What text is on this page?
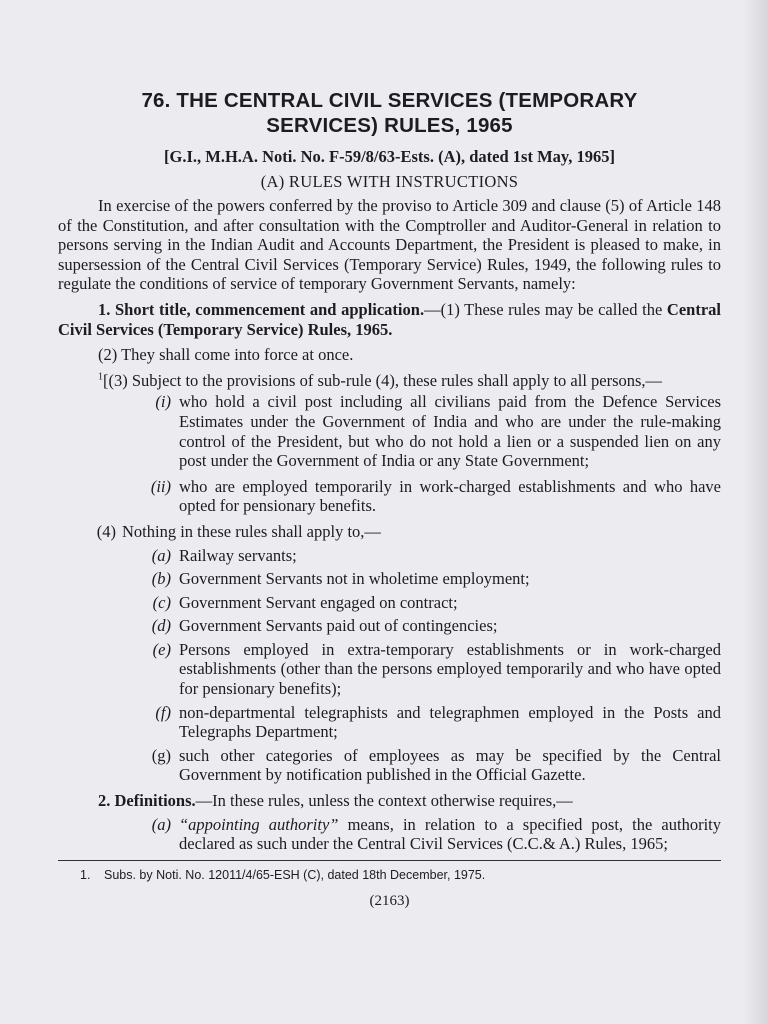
76. THE CENTRAL CIVIL SERVICES (TEMPORARY
SERVICES) RULES, 1965
[G.I., M.H.A. Noti. No. F-59/8/63-Ests. (A), dated 1st May, 1965]
(A) RULES WITH INSTRUCTIONS

In exercise of the powers conferred by the proviso to Article 309 and clause (5) of Article 148 of the Constitution, and after consultation with the Comptroller and Auditor-General in relation to persons serving in the Indian Audit and Accounts Department, the President is pleased to make, in supersession of the Central Civil Services (Temporary Service) Rules, 1949, the following rules to regulate the conditions of service of temporary Government Servants, namely:

1. Short title, commencement and application.—(1) These rules may be called the Central Civil Services (Temporary Service) Rules, 1965.

(2) They shall come into force at once.

$^1$[(3) Subject to the provisions of sub-rule (4), these rules shall apply to all persons,—

(i) who hold a civil post including all civilians paid from the Defence Services Estimates under the Government of India and who are under the rule-making control of the President, but who do not hold a lien or a suspended lien on any post under the Government of India or any State Government;
(ii) who are employed temporarily in work-charged establishments and who have opted for pensionary benefits.
(4) Nothing in these rules shall apply to,—
(a) Railway servants;
(b) Government Servants not in wholetime employment;
(c) Government Servant engaged on contract;
(d) Government Servants paid out of contingencies;
(e) Persons employed in extra-temporary establishments or in work-charged establishments (other than the persons employed temporarily and who have opted for pensionary benefits);
(f) non-departmental telegraphists and telegraphmen employed in the Posts and Telegraphs Department;
(g) such other categories of employees as may be specified by the Central Government by notification published in the Official Gazette.

2. Definitions.—In these rules, unless the context otherwise requires,—

(a) “appointing authority” means, in relation to a specified post, the authority declared as such under the Central Civil Services (C.C.& A.) Rules, 1965;
1.	Subs. by Noti. No. 12011/4/65-ESH (C), dated 18th December, 1975.
(2163)
